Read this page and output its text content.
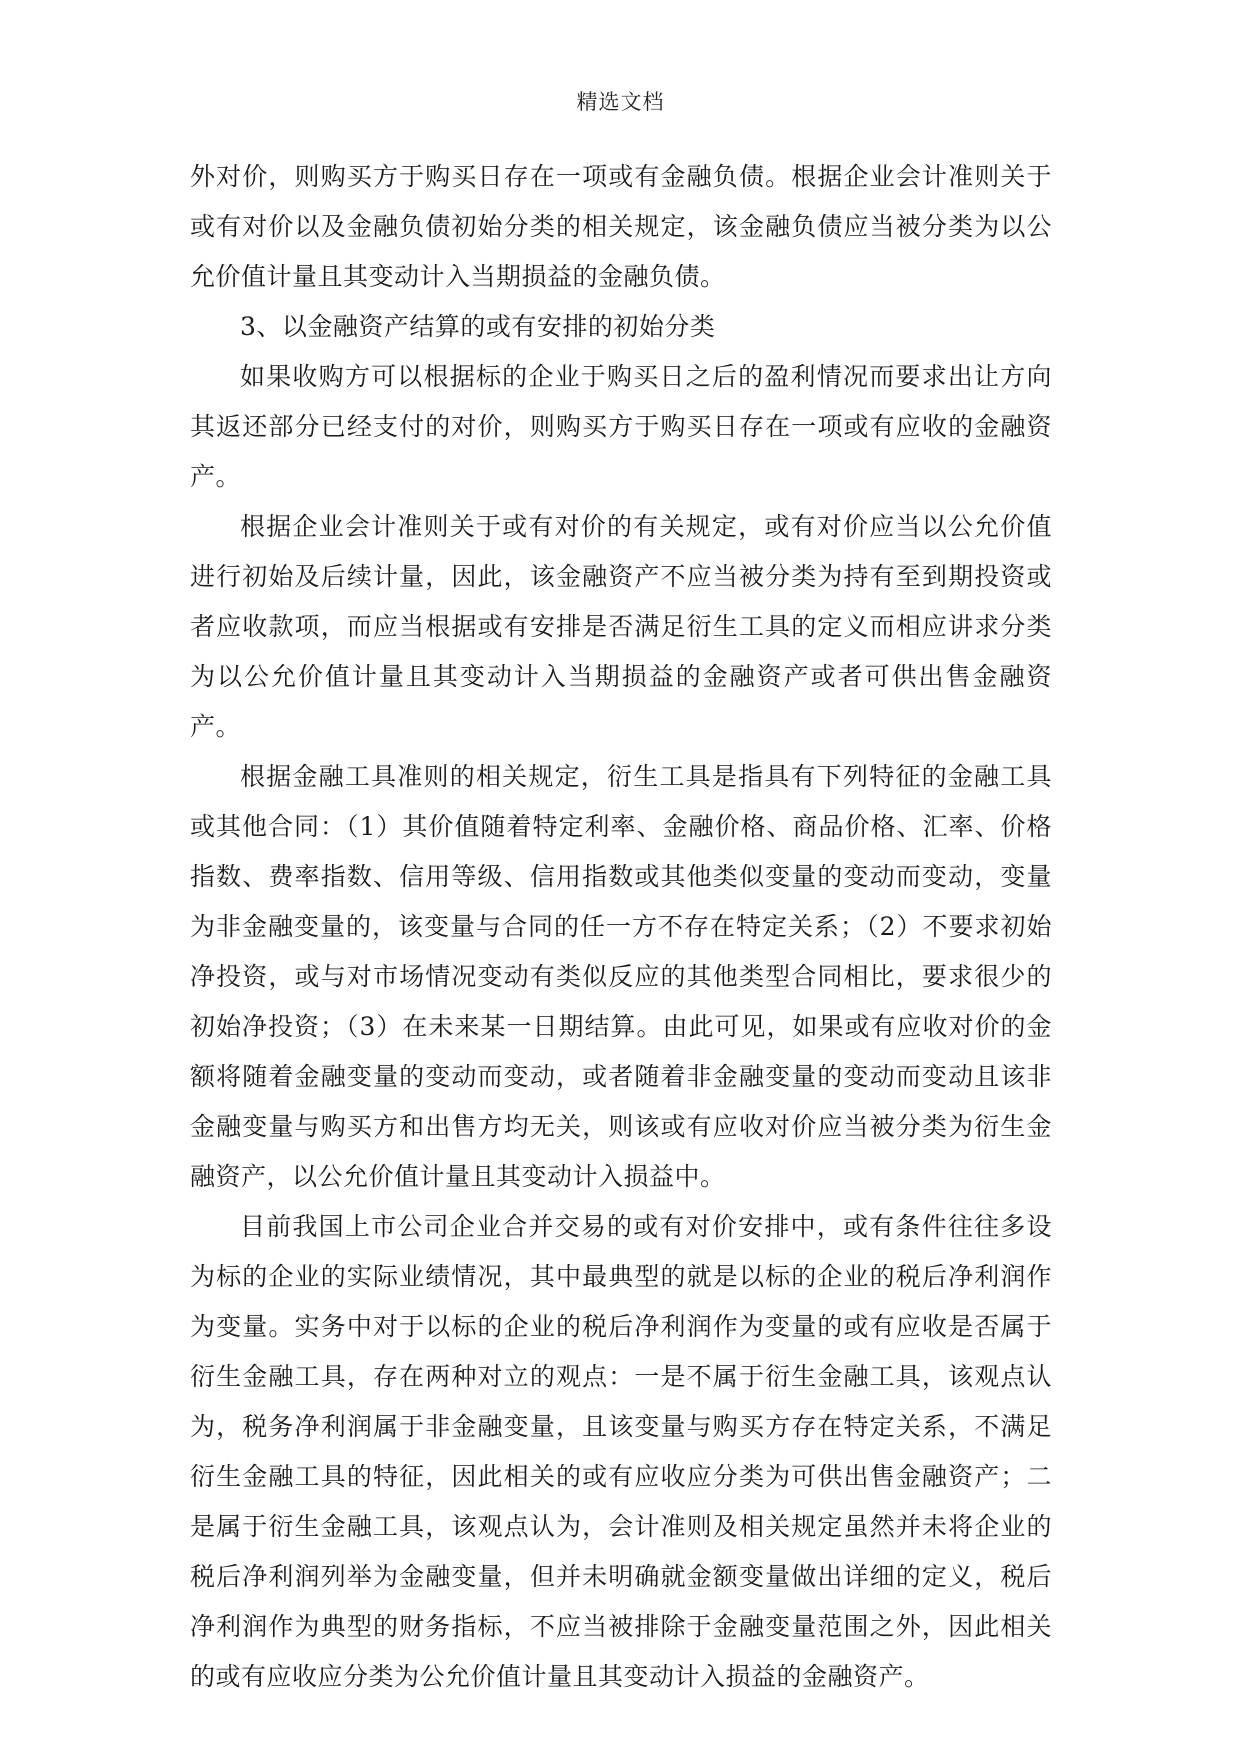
精选文档

外对价，则购买方于购买日存在一项或有金融负债。根据企业会计准则关于或有对价以及金融负债初始分类的相关规定，该金融负债应当被分类为以公允价值计量且其变动计入当期损益的金融负债。

3、以金融资产结算的或有安排的初始分类

如果收购方可以根据标的企业于购买日之后的盈利情况而要求出让方向其返还部分已经支付的对价，则购买方于购买日存在一项或有应收的金融资产。

根据企业会计准则关于或有对价的有关规定，或有对价应当以公允价值进行初始及后续计量，因此，该金融资产不应当被分类为持有至到期投资或者应收款项，而应当根据或有安排是否满足衍生工具的定义而相应讲求分类为以公允价值计量且其变动计入当期损益的金融资产或者可供出售金融资产。

根据金融工具准则的相关规定，衍生工具是指具有下列特征的金融工具或其他合同：（1）其价值随着特定利率、金融价格、商品价格、汇率、价格指数、费率指数、信用等级、信用指数或其他类似变量的变动而变动，变量为非金融变量的，该变量与合同的任一方不存在特定关系；（2）不要求初始净投资，或与对市场情况变动有类似反应的其他类型合同相比，要求很少的初始净投资；（3）在未来某一日期结算。由此可见，如果或有应收对价的金额将随着金融变量的变动而变动，或者随着非金融变量的变动而变动且该非金融变量与购买方和出售方均无关，则该或有应收对价应当被分类为衍生金融资产，以公允价值计量且其变动计入损益中。

目前我国上市公司企业合并交易的或有对价安排中，或有条件往往多设为标的企业的实际业绩情况，其中最典型的就是以标的企业的税后净利润作为变量。实务中对于以标的企业的税后净利润作为变量的或有应收是否属于衍生金融工具，存在两种对立的观点：一是不属于衍生金融工具，该观点认为，税务净利润属于非金融变量，且该变量与购买方存在特定关系，不满足衍生金融工具的特征，因此相关的或有应收应分类为可供出售金融资产；二是属于衍生金融工具，该观点认为，会计准则及相关规定虽然并未将企业的税后净利润列举为金融变量，但并未明确就金额变量做出详细的定义，税后净利润作为典型的财务指标，不应当被排除于金融变量范围之外，因此相关的或有应收应分类为公允价值计量且其变动计入损益的金融资产。
